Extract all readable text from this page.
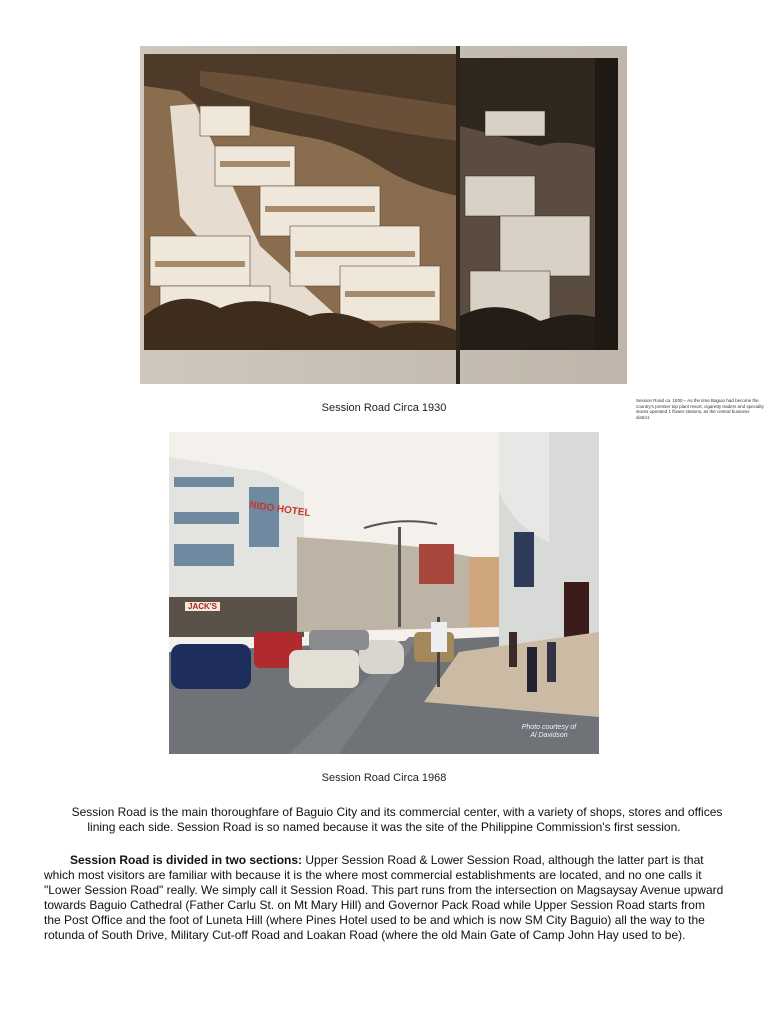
Session Road ca. 1930 – As the time Baguio had become the country's premier top plant resort, cigaretty traders and specialty stores operated 1 flower stations, as the central business district.
Session Road Circa 1930
NIDO HOTEL
JACK'S
Photo courtesy of Al Davidson
Session Road Circa 1968
Session Road is the main thoroughfare of Baguio City and its commercial center, with a variety of shops, stores and offices lining each side. Session Road is so named because it was the site of the Philippine Commission's first session.
Session Road is divided in two sections: Upper Session Road & Lower Session Road, although the latter part is that which most visitors are familiar with because it is the where most commercial establishments are located, and no one calls it "Lower Session Road" really. We simply call it Session Road. This part runs from the intersection on Magsaysay Avenue upward towards Baguio Cathedral (Father Carlu St. on Mt Mary Hill) and Governor Pack Road while Upper Session Road starts from the Post Office and the foot of Luneta Hill (where Pines Hotel used to be and which is now SM City Baguio) all the way to the rotunda of South Drive, Military Cut-off Road and Loakan Road (where the old Main Gate of Camp John Hay used to be).
